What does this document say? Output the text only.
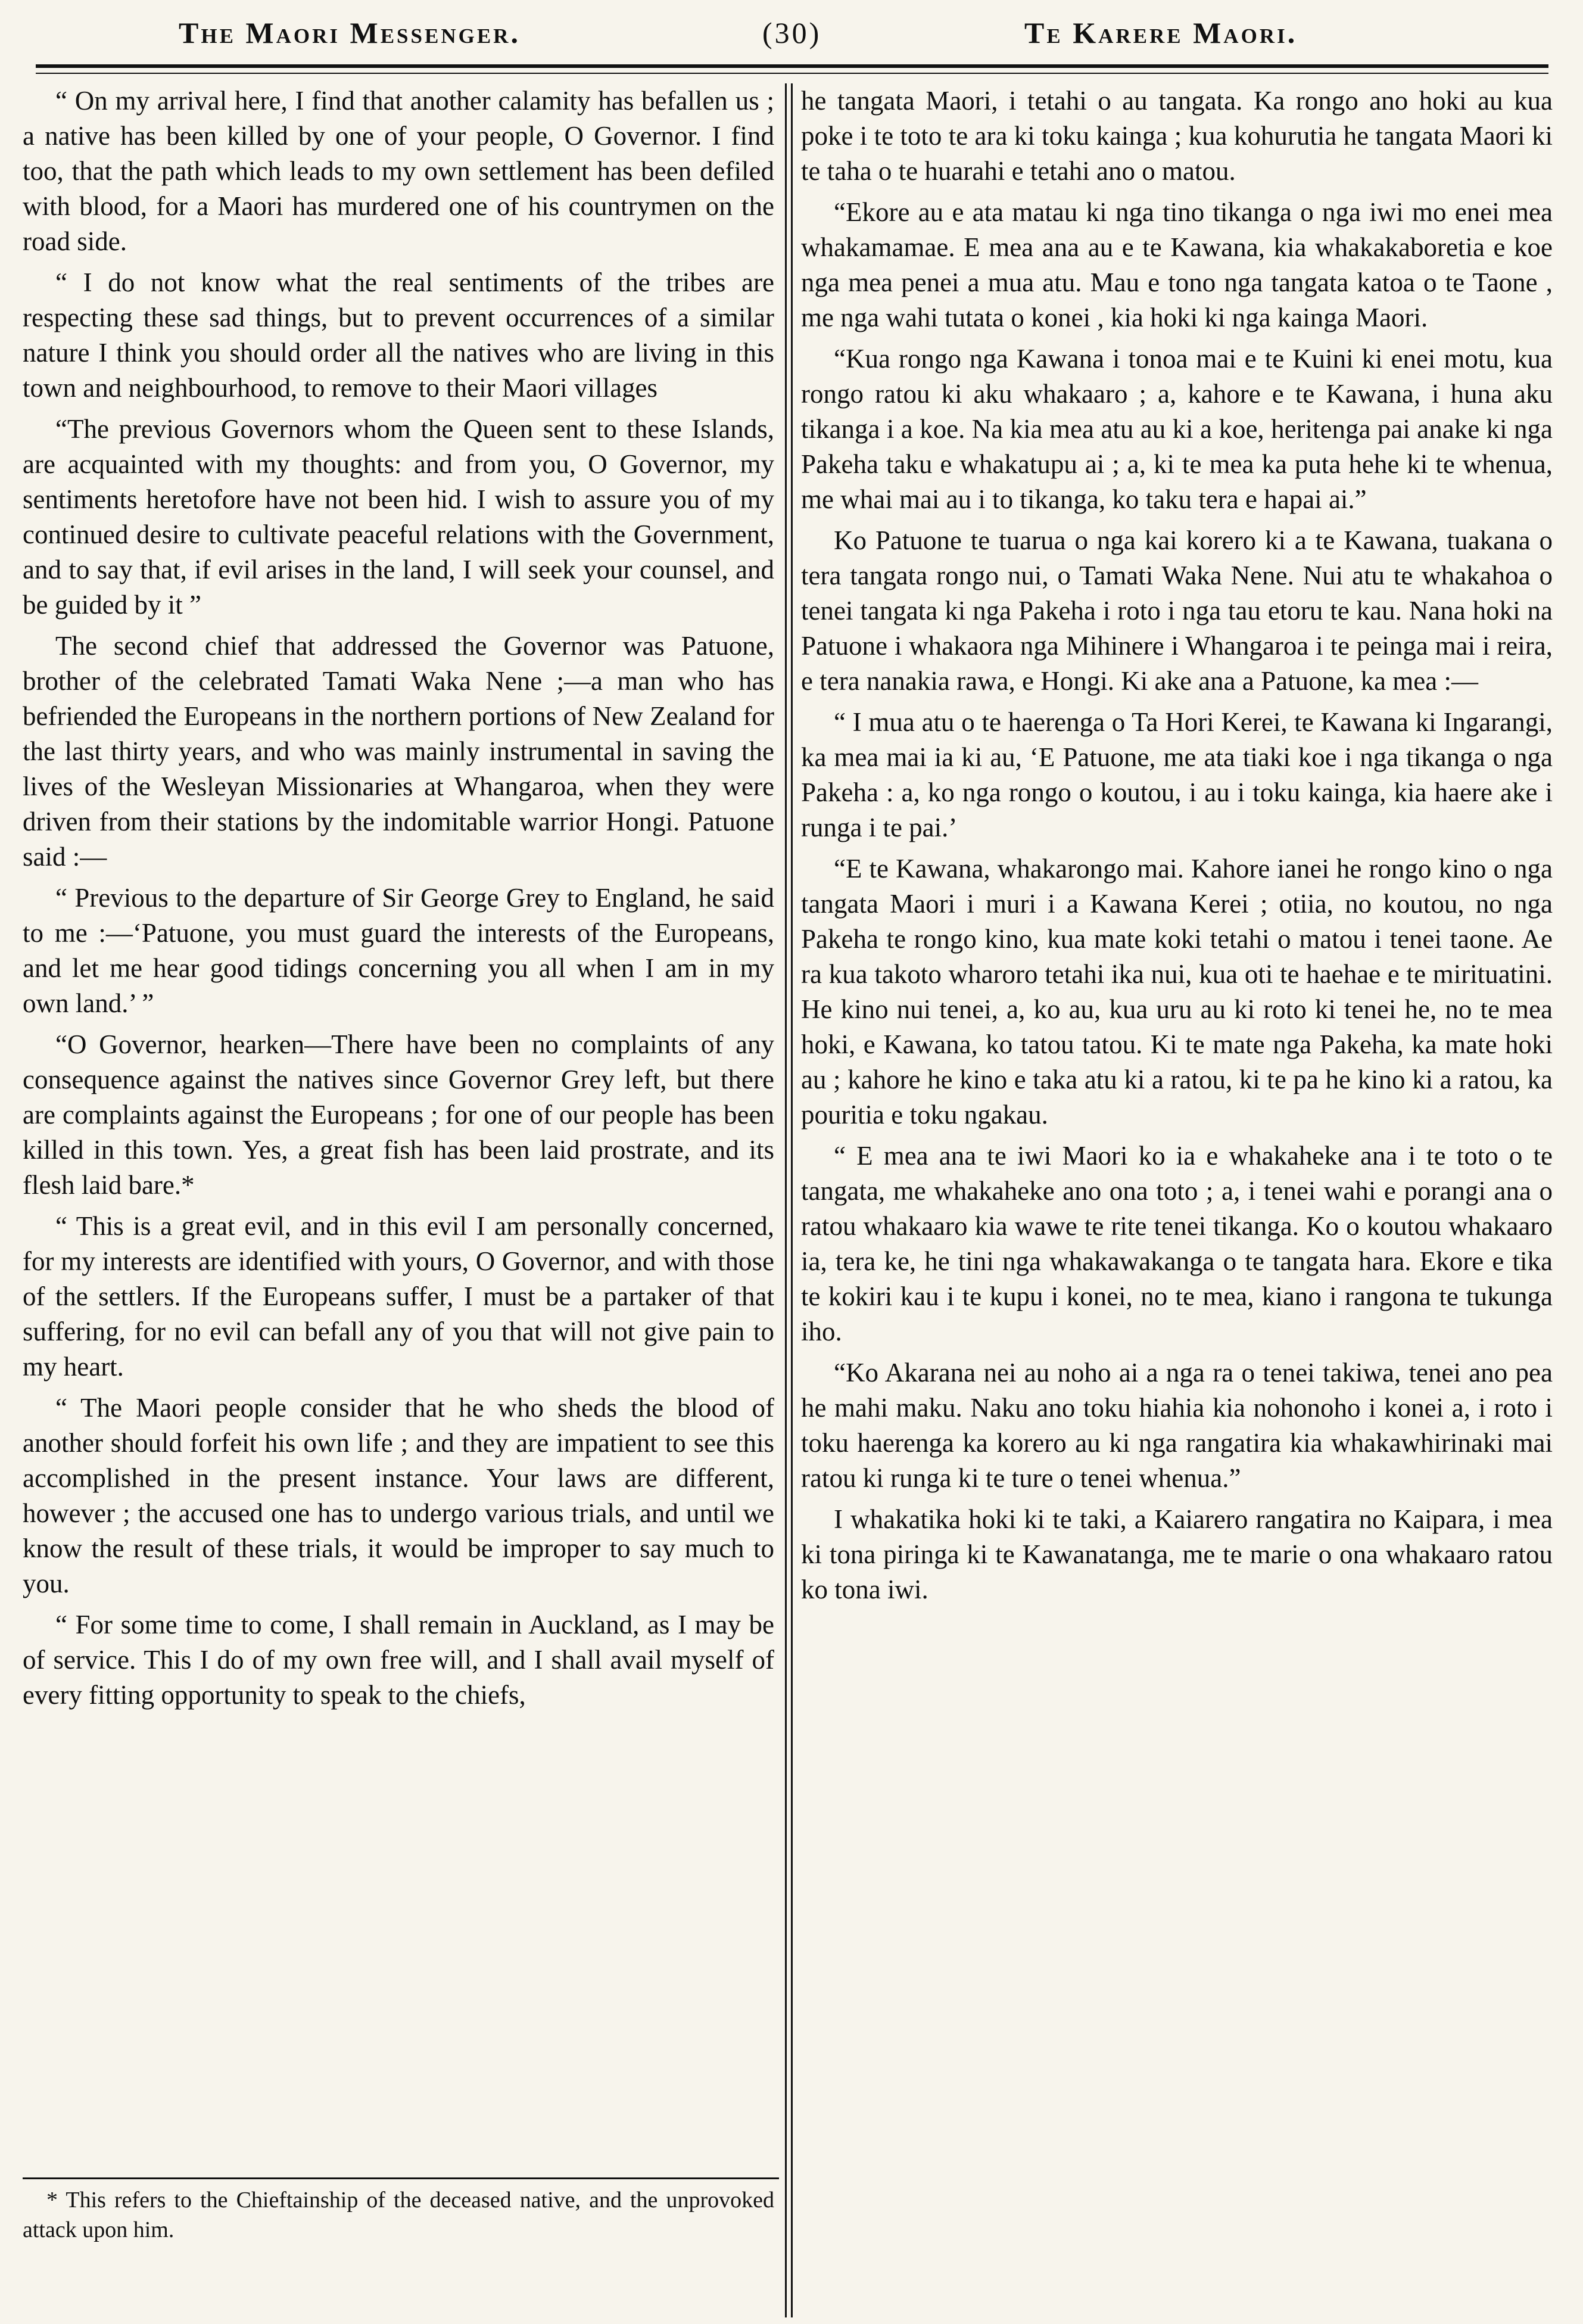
The Maori Messenger.	(30)	Te Karere Maori.

“ On my arrival here, I find that another calamity has befallen us ; a native has been killed by one of your people, O Governor. I find too, that the path which leads to my own settlement has been defiled with blood, for a Maori has murdered one of his countrymen on the road side.

“ I do not know what the real sentiments of the tribes are respecting these sad things, but to prevent occurrences of a similar nature I think you should order all the natives who are living in this town and neighbourhood, to remove to their Maori villages

“The previous Governors whom the Queen sent to these Islands, are acquainted with my thoughts: and from you, O Governor, my sentiments heretofore have not been hid. I wish to assure you of my continued desire to cultivate peaceful relations with the Government, and to say that, if evil arises in the land, I will seek your counsel, and be guided by it ”

The second chief that addressed the Governor was Patuone, brother of the celebrated Tamati Waka Nene ;—a man who has befriended the Europeans in the northern portions of New Zealand for the last thirty years, and who was mainly instrumental in saving the lives of the Wesleyan Missionaries at Whangaroa, when they were driven from their stations by the indomitable warrior Hongi. Patuone said :—

“ Previous to the departure of Sir George Grey to England, he said to me :—‘Patuone, you must guard the interests of the Europeans, and let me hear good tidings concerning you all when I am in my own land.’ ”

“O Governor, hearken—There have been no complaints of any consequence against the natives since Governor Grey left, but there are complaints against the Europeans ; for one of our people has been killed in this town. Yes, a great fish has been laid prostrate, and its flesh laid bare.*

“ This is a great evil, and in this evil I am personally concerned, for my interests are identified with yours, O Governor, and with those of the settlers. If the Europeans suffer, I must be a partaker of that suffering, for no evil can befall any of you that will not give pain to my heart.

“ The Maori people consider that he who sheds the blood of another should forfeit his own life ; and they are impatient to see this accomplished in the present instance. Your laws are different, however ; the accused one has to undergo various trials, and until we know the result of these trials, it would be improper to say much to you.

“ For some time to come, I shall remain in Auckland, as I may be of service. This I do of my own free will, and I shall avail myself of every fitting opportunity to speak to the chiefs,

he tangata Maori, i tetahi o au tangata. Ka rongo ano hoki au kua poke i te toto te ara ki toku kainga ; kua kohurutia he tangata Maori ki te taha o te huarahi e tetahi ano o matou.

“Ekore au e ata matau ki nga tino tikanga o nga iwi mo enei mea whakamamae. E mea ana au e te Kawana, kia whakakaboretia e koe nga mea penei a mua atu. Mau e tono nga tangata katoa o te Taone , me nga wahi tutata o konei , kia hoki ki nga kainga Maori.

“Kua rongo nga Kawana i tonoa mai e te Kuini ki enei motu, kua rongo ratou ki aku whakaaro ; a, kahore e te Kawana, i huna aku tikanga i a koe. Na kia mea atu au ki a koe, heritenga pai anake ki nga Pakeha taku e whakatupu ai ; a, ki te mea ka puta hehe ki te whenua, me whai mai au i to tikanga, ko taku tera e hapai ai.”

Ko Patuone te tuarua o nga kai korero ki a te Kawana, tuakana o tera tangata rongo nui, o Tamati Waka Nene. Nui atu te whakahoa o tenei tangata ki nga Pakeha i roto i nga tau etoru te kau. Nana hoki na Patuone i whakaora nga Mihinere i Whangaroa i te peinga mai i reira, e tera nanakia rawa, e Hongi. Ki ake ana a Patuone, ka mea :—

“ I mua atu o te haerenga o Ta Hori Kerei, te Kawana ki Ingarangi, ka mea mai ia ki au, ‘E Patuone, me ata tiaki koe i nga tikanga o nga Pakeha : a, ko nga rongo o koutou, i au i toku kainga, kia haere ake i runga i te pai.’

“E te Kawana, whakarongo mai. Kahore ianei he rongo kino o nga tangata Maori i muri i a Kawana Kerei ; otiia, no koutou, no nga Pakeha te rongo kino, kua mate koki tetahi o matou i tenei taone. Ae ra kua takoto wharoro tetahi ika nui, kua oti te haehae e te mirituatini. He kino nui tenei, a, ko au, kua uru au ki roto ki tenei he, no te mea hoki, e Kawana, ko tatou tatou. Ki te mate nga Pakeha, ka mate hoki au ; kahore he kino e taka atu ki a ratou, ki te pa he kino ki a ratou, ka pouritia e toku ngakau.

“ E mea ana te iwi Maori ko ia e whakaheke ana i te toto o te tangata, me whakaheke ano ona toto ; a, i tenei wahi e porangi ana o ratou whakaaro kia wawe te rite tenei tikanga. Ko o koutou whakaaro ia, tera ke, he tini nga whakawakanga o te tangata hara. Ekore e tika te kokiri kau i te kupu i konei, no te mea, kiano i rangona te tukunga iho.

“Ko Akarana nei au noho ai a nga ra o tenei takiwa, tenei ano pea he mahi maku. Naku ano toku hiahia kia nohonoho i konei a, i roto i toku haerenga ka korero au ki nga rangatira kia whakawhirinaki mai ratou ki runga ki te ture o tenei whenua.”

I whakatika hoki ki te taki, a Kaiarero rangatira no Kaipara, i mea ki tona piringa ki te Kawanatanga, me te marie o ona whakaaro ratou ko tona iwi.

* This refers to the Chieftainship of the deceased native, and the unprovoked attack upon him.
